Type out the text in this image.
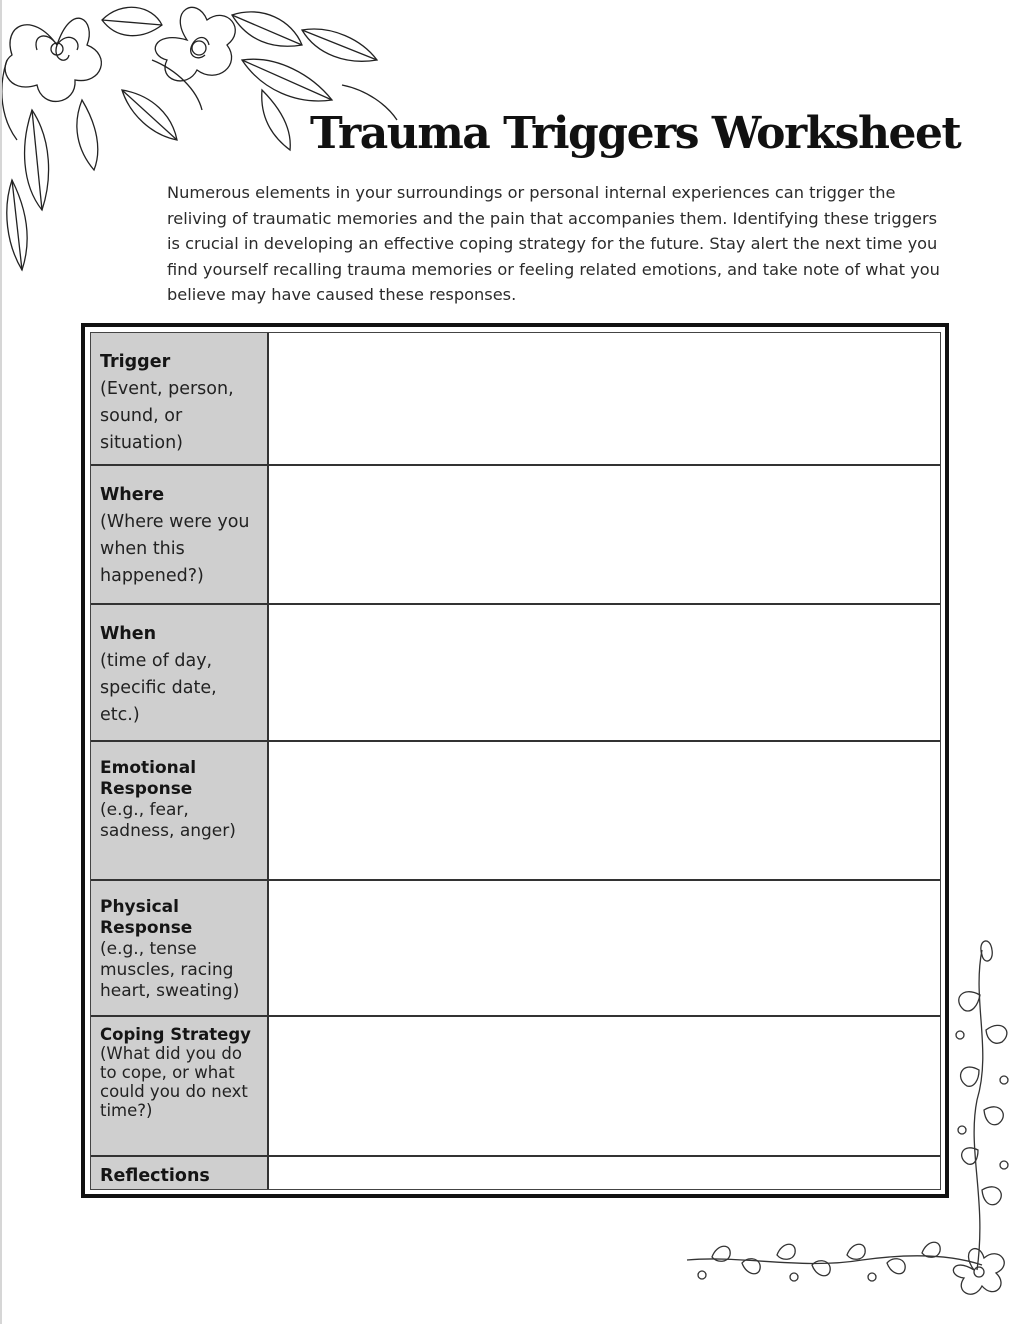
Trauma Triggers Worksheet
Numerous elements in your surroundings or personal internal experiences can trigger the reliving of traumatic memories and the pain that accompanies them. Identifying these triggers is crucial in developing an effective coping strategy for the future. Stay alert the next time you find yourself recalling trauma memories or feeling related emotions, and take note of what you believe may have caused these responses.
Trigger
(Event, person, sound, or situation)
Where
(Where were you when this happened?)
When
(time of day, specific date, etc.)
Emotional Response
(e.g., fear, sadness, anger)
Physical Response
(e.g., tense muscles, racing heart, sweating)
Coping Strategy
(What did you do to cope, or what could you do next time?)
Reflections
